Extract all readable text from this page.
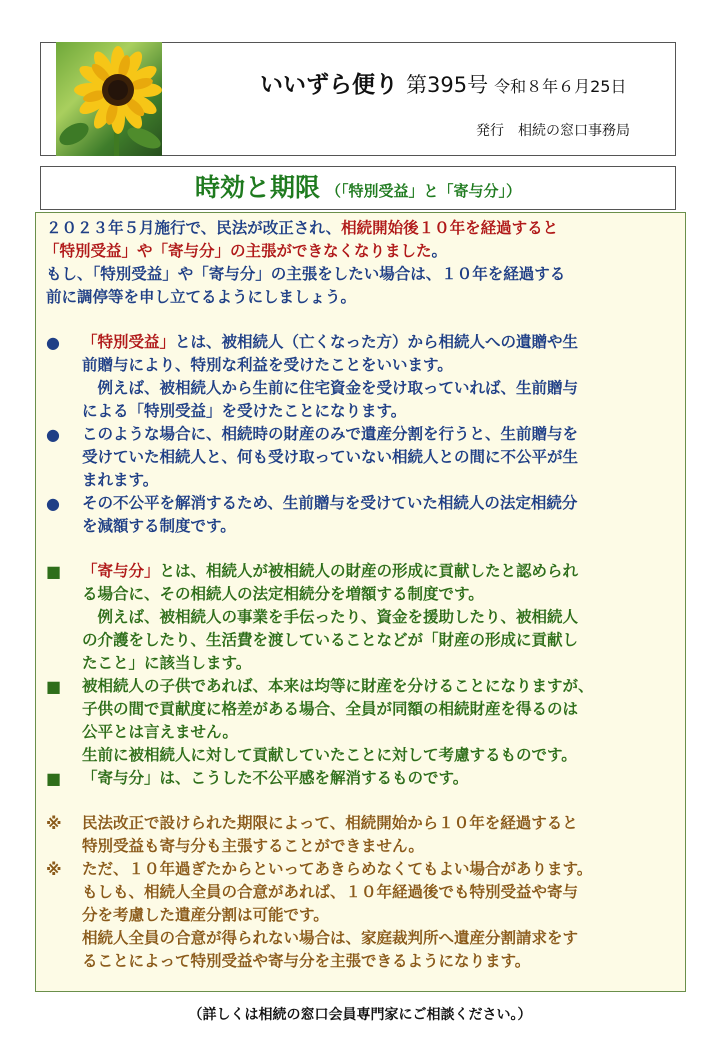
いいずら便り 第395号 令和８年６月25日
発行　相続の窓口事務局
時効と期限 （「特別受益」と「寄与分」）
２０２３年５月施行で、民法が改正され、相続開始後１０年を経過すると
「特別受益」や「寄与分」の主張ができなくなりました。
もし、「特別受益」や「寄与分」の主張をしたい場合は、１０年を経過する
前に調停等を申し立てるようにしましょう。
● 「特別受益」とは、被相続人（亡くなった方）から相続人への遺贈や生
前贈与により、特別な利益を受けたことをいいます。
　例えば、被相続人から生前に住宅資金を受け取っていれば、生前贈与
による「特別受益」を受けたことになります。
● このような場合に、相続時の財産のみで遺産分割を行うと、生前贈与を
受けていた相続人と、何も受け取っていない相続人との間に不公平が生
まれます。
● その不公平を解消するため、生前贈与を受けていた相続人の法定相続分
を減額する制度です。
■ 「寄与分」とは、相続人が被相続人の財産の形成に貢献したと認められ
る場合に、その相続人の法定相続分を増額する制度です。
　例えば、被相続人の事業を手伝ったり、資金を援助したり、被相続人
の介護をしたり、生活費を渡していることなどが「財産の形成に貢献し
たこと」に該当します。
■ 被相続人の子供であれば、本来は均等に財産を分けることになりますが、
子供の間で貢献度に格差がある場合、全員が同額の相続財産を得るのは
公平とは言えません。
生前に被相続人に対して貢献していたことに対して考慮するものです。
■ 「寄与分」は、こうした不公平感を解消するものです。
※ 民法改正で設けられた期限によって、相続開始から１０年を経過すると
特別受益も寄与分も主張することができません。
※ ただ、１０年過ぎたからといってあきらめなくてもよい場合があります。
もしも、相続人全員の合意があれば、１０年経過後でも特別受益や寄与
分を考慮した遺産分割は可能です。
相続人全員の合意が得られない場合は、家庭裁判所へ遺産分割請求をす
ることによって特別受益や寄与分を主張できるようになります。
（詳しくは相続の窓口会員専門家にご相談ください。）
